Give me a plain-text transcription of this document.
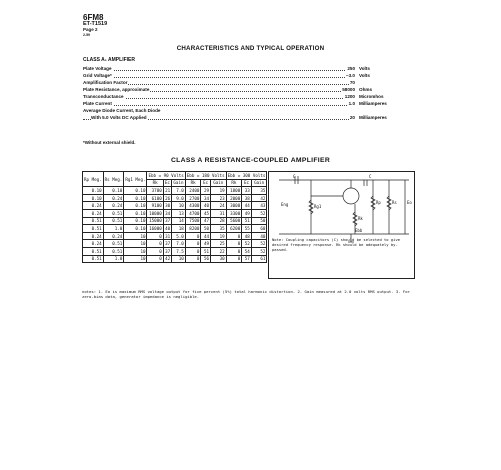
6FM8
ET-T1519
Page 2
2-59
CHARACTERISTICS AND TYPICAL OPERATION
CLASS A₁ AMPLIFIER
Plate Voltage	250 Volts
Grid Voltage*	−3.0 Volts
Amplification Factor	70
Plate Resistance, approximate	58000 Ohms
Transconductance	1200 Micromhos
Plate Current	1.0 Milliamperes
Average Diode Current, Each Diode
With 5.0 Volts DC Applied	20 Milliamperes
*Without external shield.
CLASS A RESISTANCE-COUPLED AMPLIFIER
Rp Meg.	Rs Meg.	Rg1 Meg.	Ebb = 90 Volts			Ebb = 180 Volts			Ebb = 300 Volts		
			Rk	Ec	Gain	Rk	Ec	Gain	Rk	Ec	Gain
0.10	0.10	0.10	3700	21	7.0	2400	29	19	1800	33	35
0.10	0.24	0.10	6100	26	9.0	2700	34	23	2000	38	42
0.24	0.24	0.10	9100	30	10	4300	40	24	3000	44	43
0.24	0.51	0.10	10000	34	13	4700	45	31	3300	49	52
0.51	0.51	0.10	15000	37	14	7500	47	28	5600	51	50
0.51	1.0	0.10	16000	40	18	8200	50	35	6200	55	60
0.24	0.24	10	0	31	5.0	0	44	19	0	48	40
0.24	0.51	10	0	37	7.0	0	49	25	0	52	52
0.51	0.51	10	0	37	7.5	0	51	22	0	54	52
0.51	1.0	10	0	42	10	0	56	30	0	57	61
C	C
Eng	Rg1
Rk
Rp	Rs	Eo
Ebb
Note: Coupling capacitors (C) should be selected to give desired frequency response. Rk should be adequately by-passed.
notes: 1. Eo is maximum RMS voltage output for five percent (5%) total harmonic distortion. 2. Gain measured at 2.0 volts RMS output. 3. For zero-bias data, generator impedance is negligible.
